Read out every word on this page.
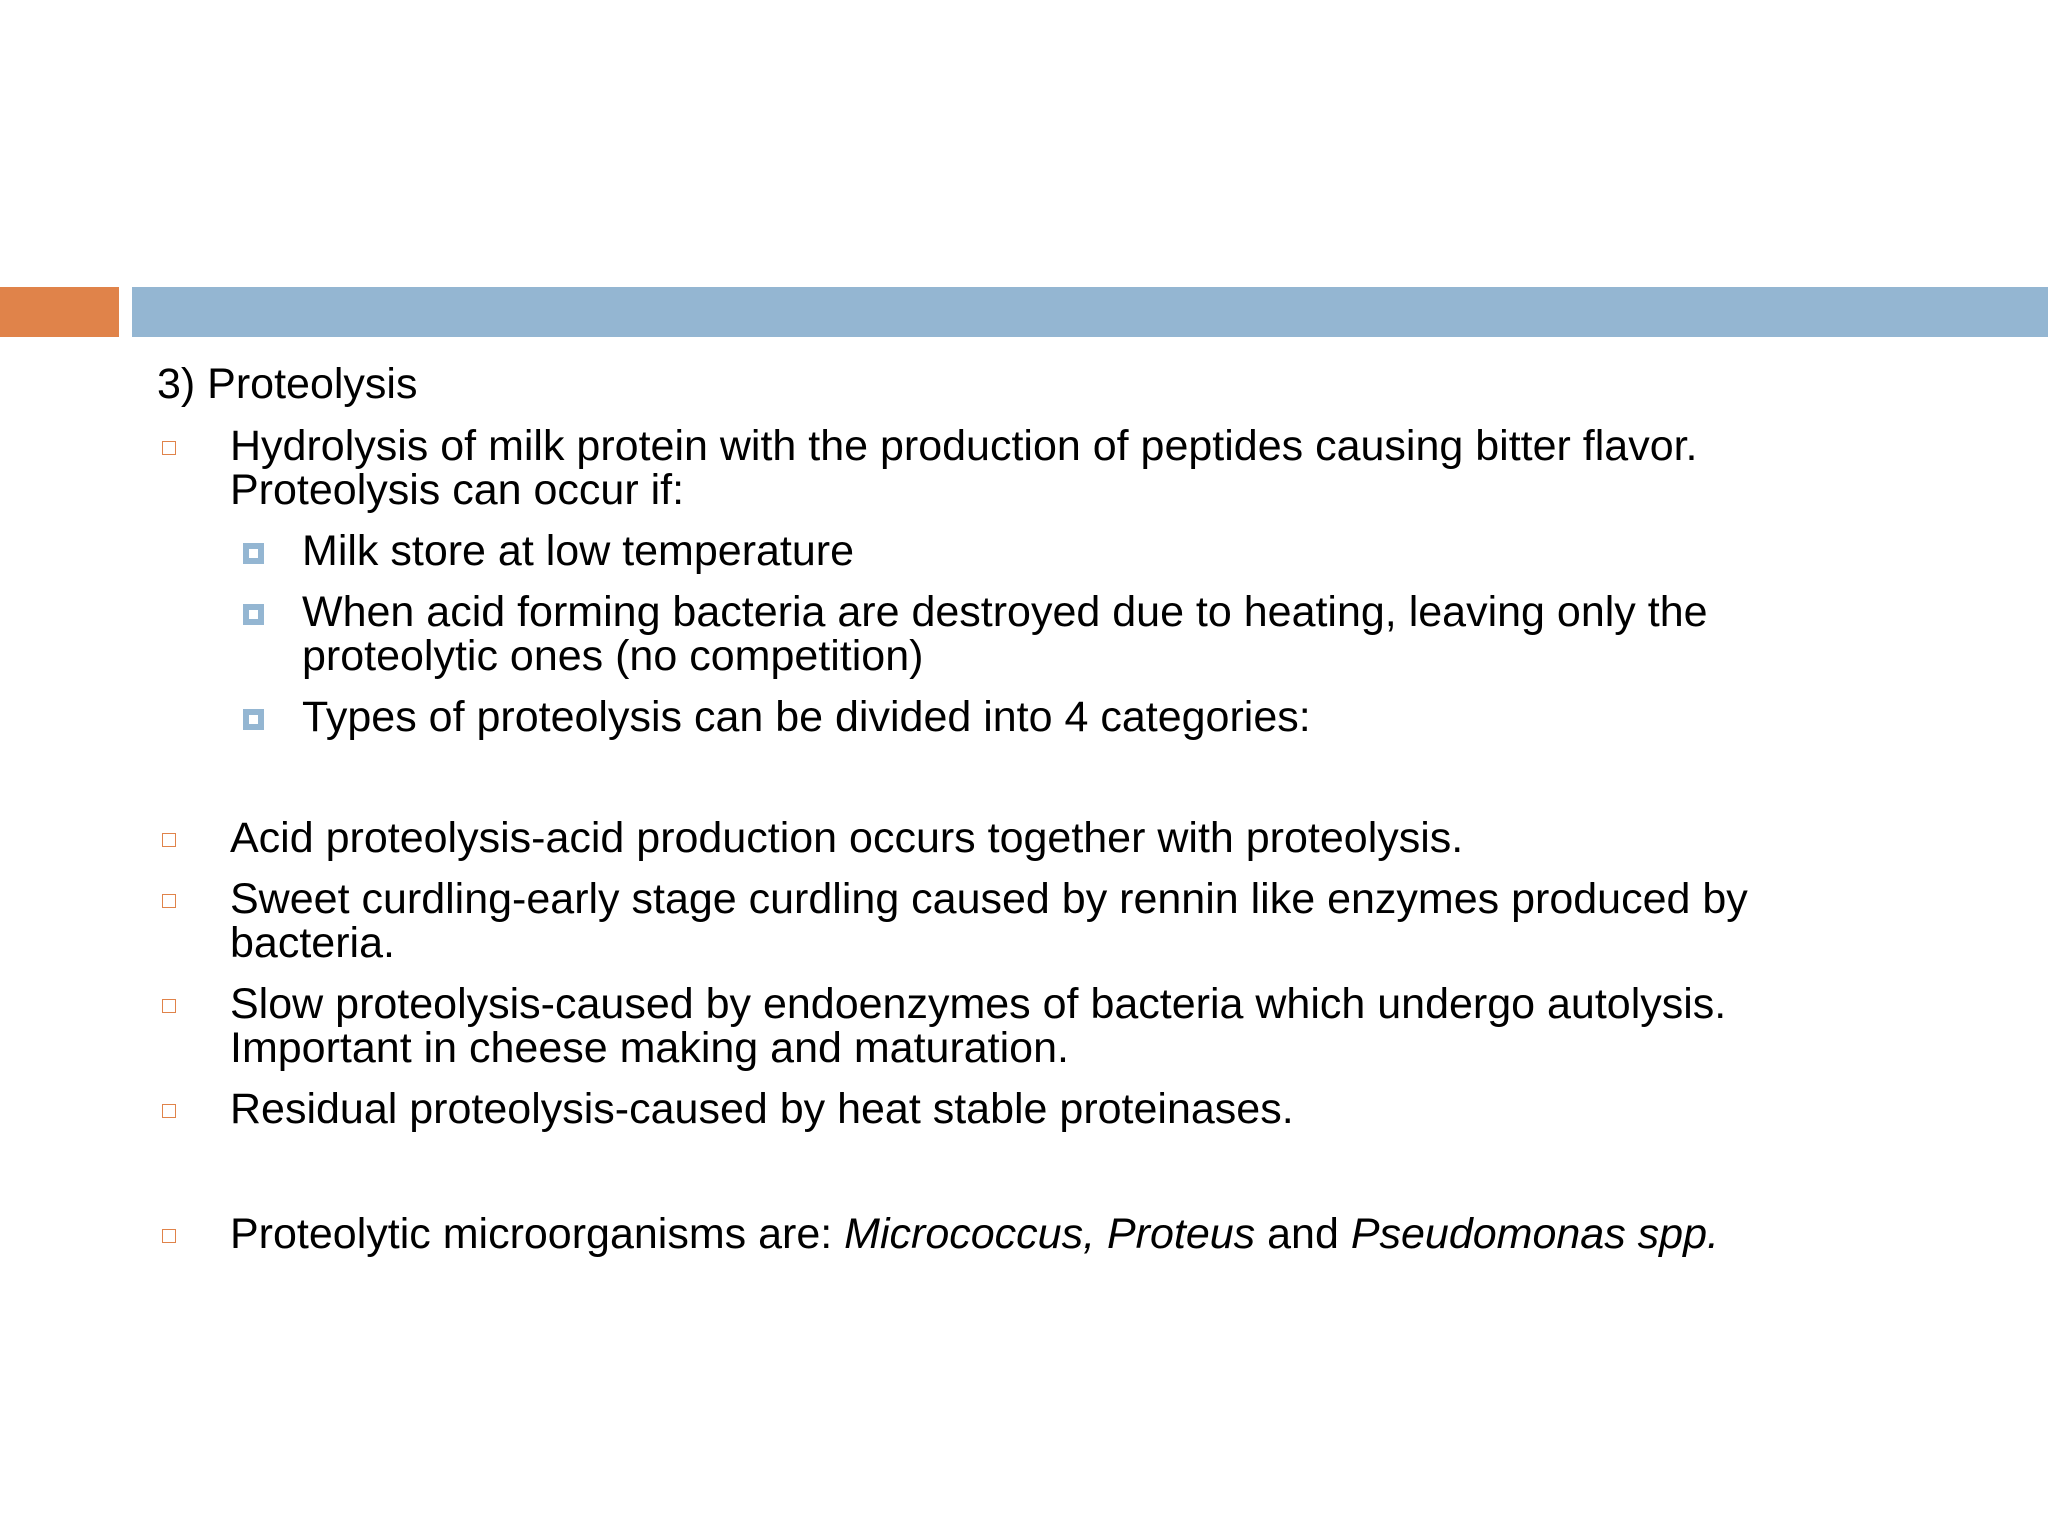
3) Proteolysis
Hydrolysis of milk protein with the production of peptides causing bitter flavor. Proteolysis can occur if:
Milk store at low temperature
When acid forming bacteria are destroyed due to heating, leaving only the proteolytic ones (no competition)
Types of proteolysis can be divided into 4 categories:
Acid proteolysis-acid production occurs together with proteolysis.
Sweet curdling-early stage curdling caused by rennin like enzymes produced by bacteria.
Slow proteolysis-caused by endoenzymes of bacteria which undergo autolysis. Important in cheese making and maturation.
Residual proteolysis-caused by heat stable proteinases.
Proteolytic microorganisms are: Micrococcus, Proteus and Pseudomonas spp.
